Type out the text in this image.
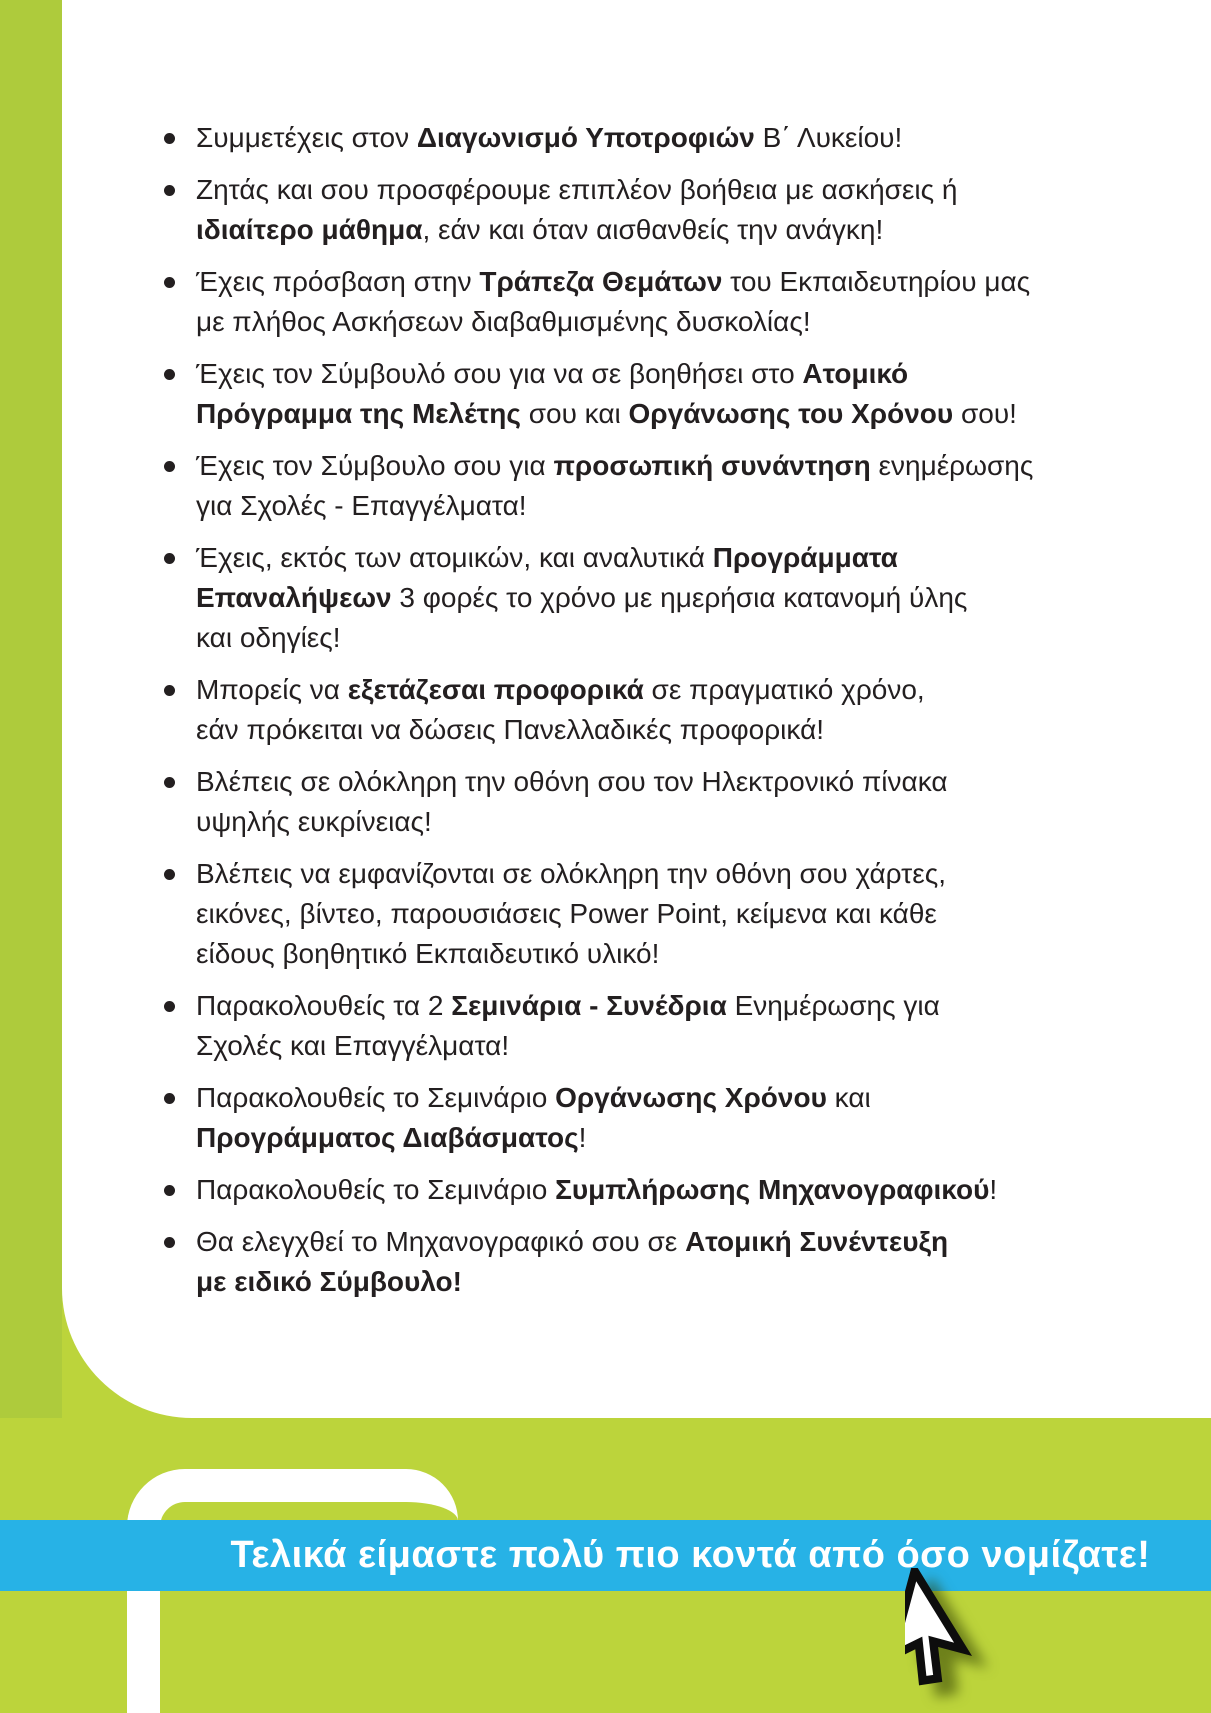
Συμμετέχεις στον Διαγωνισμό Υποτροφιών Β΄ Λυκείου!
Ζητάς και σου προσφέρουμε επιπλέον βοήθεια με ασκήσεις ή
ιδιαίτερο μάθημα, εάν και όταν αισθανθείς την ανάγκη!
Έχεις πρόσβαση στην Τράπεζα Θεμάτων του Εκπαιδευτηρίου μας
με πλήθος Ασκήσεων διαβαθμισμένης δυσκολίας!
Έχεις τον Σύμβουλό σου για να σε βοηθήσει στο Ατομικό
Πρόγραμμα της Μελέτης σου και Οργάνωσης του Χρόνου σου!
Έχεις τον Σύμβουλο σου για προσωπική συνάντηση ενημέρωσης
για Σχολές - Επαγγέλματα!
Έχεις, εκτός των ατομικών, και αναλυτικά Προγράμματα
Επαναλήψεων 3 φορές το χρόνο με ημερήσια κατανομή ύλης
και οδηγίες!
Μπορείς να εξετάζεσαι προφορικά σε πραγματικό χρόνο,
εάν πρόκειται να δώσεις Πανελλαδικές προφορικά!
Βλέπεις σε ολόκληρη την οθόνη σου τον Ηλεκτρονικό πίνακα
υψηλής ευκρίνειας!
Βλέπεις να εμφανίζονται σε ολόκληρη την οθόνη σου χάρτες,
εικόνες, βίντεο, παρουσιάσεις Power Point, κείμενα και κάθε
είδους βοηθητικό Εκπαιδευτικό υλικό!
Παρακολουθείς τα 2 Σεμινάρια - Συνέδρια Ενημέρωσης για
Σχολές και Επαγγέλματα!
Παρακολουθείς το Σεμινάριο Οργάνωσης Χρόνου και
Προγράμματος Διαβάσματος!
Παρακολουθείς το Σεμινάριο Συμπλήρωσης Μηχανογραφικού!
Θα ελεγχθεί το Μηχανογραφικό σου σε Ατομική Συνέντευξη
με ειδικό Σύμβουλο!
Τελικά είμαστε πολύ πιο κοντά από όσο νομίζατε!
